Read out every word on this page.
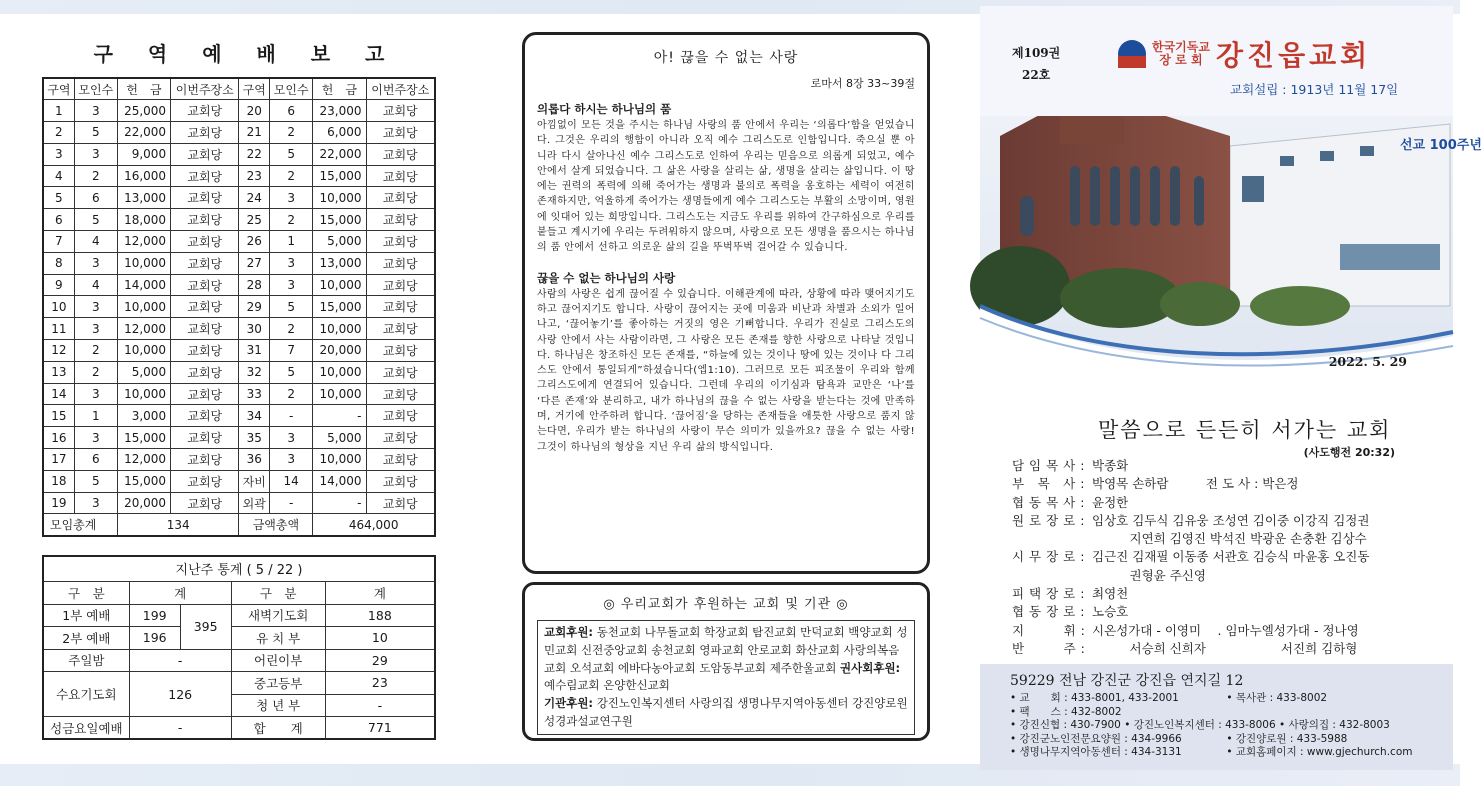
구 역 예 배 보 고
구역	모인수	헌　금	이번주장소	구역	모인수	헌　금	이번주장소
1	3	25,000	교회당	20	6	23,000	교회당
2	5	22,000	교회당	21	2	6,000	교회당
3	3	9,000	교회당	22	5	22,000	교회당
4	2	16,000	교회당	23	2	15,000	교회당
5	6	13,000	교회당	24	3	10,000	교회당
6	5	18,000	교회당	25	2	15,000	교회당
7	4	12,000	교회당	26	1	5,000	교회당
8	3	10,000	교회당	27	3	13,000	교회당
9	4	14,000	교회당	28	3	10,000	교회당
10	3	10,000	교회당	29	5	15,000	교회당
11	3	12,000	교회당	30	2	10,000	교회당
12	2	10,000	교회당	31	7	20,000	교회당
13	2	5,000	교회당	32	5	10,000	교회당
14	3	10,000	교회당	33	2	10,000	교회당
15	1	3,000	교회당	34	-	-	교회당
16	3	15,000	교회당	35	3	5,000	교회당
17	6	12,000	교회당	36	3	10,000	교회당
18	5	15,000	교회당	자비	14	14,000	교회당
19	3	20,000	교회당	외곽	-	-	교회당
모임총계		134		금액총액		464,000	
지난주 통계 ( 5 / 22 )				
구　분	계		구　분	계
1부 예배	199	395	새벽기도회	188
2부 예배	196		유 치 부	10
주일밤	-		어린이부	29
수요기도회	126		중고등부	23
			청 년 부	-
성금요일예배	-		합　　계	771
아! 끊을 수 없는 사랑
로마서 8장 33~39절
의롭다 하시는 하나님의 품

아낌없이 모든 것을 주시는 하나님 사랑의 품 안에서 우리는 ‘의롭다’함을 얻었습니다. 그것은 우리의 행함이 아니라 오직 예수 그리스도로 인함입니다. 죽으실 뿐 아니라 다시 살아나신 예수 그리스도로 인하여 우리는 믿음으로 의롭게 되었고, 예수 안에서 살게 되었습니다. 그 삶은 사랑을 살리는 삶, 생명을 살리는 삶입니다. 이 땅에는 권력의 폭력에 의해 죽어가는 생명과 불의로 폭력을 옹호하는 세력이 여전히 존재하지만, 억울하게 죽어가는 생명들에게 예수 그리스도는 부활의 소망이며, 영원에 잇대어 있는 희망입니다. 그리스도는 지금도 우리를 위하여 간구하심으로 우리를 붙들고 계시기에 우리는 두려워하지 않으며, 사랑으로 모든 생명을 품으시는 하나님의 품 안에서 선하고 의로운 삶의 길을 뚜벅뚜벅 걸어갈 수 있습니다.

끊을 수 없는 하나님의 사랑

사람의 사랑은 쉽게 끊어질 수 있습니다. 이해관계에 따라, 상황에 따라 맺어지기도 하고 끊어지기도 합니다. 사랑이 끊어지는 곳에 미움과 비난과 차별과 소외가 일어나고, ‘끊어놓기’를 좋아하는 거짓의 영은 기뻐합니다. 우리가 진실로 그리스도의 사랑 안에서 사는 사람이라면, 그 사랑은 모든 존재를 향한 사랑으로 나타날 것입니다. 하나님은 창조하신 모든 존재를, “하늘에 있는 것이나 땅에 있는 것이나 다 그리스도 안에서 통일되게”하셨습니다(엡1:10). 그러므로 모든 피조물이 우리와 함께 그리스도에게 연결되어 있습니다. 그런데 우리의 이기심과 탐욕과 교만은 ‘나’를 ‘다른 존재’와 분리하고, 내가 하나님의 끊을 수 없는 사랑을 받는다는 것에 만족하며, 거기에 안주하려 합니다. ‘끊어짐’을 당하는 존재들을 애틋한 사랑으로 품지 않는다면, 우리가 받는 하나님의 사랑이 무슨 의미가 있을까요? 끊을 수 없는 사랑! 그것이 하나님의 형상을 지닌 우리 삶의 방식입니다.

◎ 우리교회가 후원하는 교회 및 기관 ◎
교회후원: 동천교회 나무돌교회 학장교회 탐진교회 만덕교회 백양교회 성민교회 신전중앙교회 송천교회 영파교회 안로교회 화산교회 사랑의복음교회 오석교회 에바다농아교회 도암동부교회 제주한울교회 권사회후원: 예수림교회 온양한신교회
기관후원: 강진노인복지센터 사랑의집 생명나무지역아동센터 강진양로원 성경과설교연구원
선교 100주년
제109권
22호
한국기독교
장 로 회 강진읍교회
교회설립 : 1913년 11월 17일
2022. 5. 29
말씀으로 든든히 서가는 교회
(사도행전 20:32)
담 임 목 사 : 박종화
부　목　사 : 박영목 손하람　　　전 도 사 : 박은정
협 동 목 사 : 윤정한
원 로 장 로 : 임상호 김두식 김유웅 조성연 김이중 이강직 김정권
　　　지연희 김영진 박석진 박광운 손충환 김상수
시 무 장 로 : 김근진 김재필 이동종 서관호 김승식 마윤홍 오진동
　　　권형윤 주신영
피 택 장 로 : 최영천
협 동 장 로 : 노승호
지　　　휘 : 시온성가대 - 이영미　 . 임마누엘성가대 - 정나영
반　　　주 : 　　　서승희 신희자　　　　　　서진희 김하형
59229 전남 강진군 강진읍 연지길 12
• 교　　회 : 433-8001, 433-2001	• 목사관 : 433-8002
• 팩　　스 : 432-8002
• 강진신협 : 430-7900 • 강진노인복지센터 : 433-8006 • 사랑의집 : 432-8003
• 강진군노인전문요양원 : 434-9966	• 강진양로원 : 433-5988
• 생명나무지역아동센터 : 434-3131	• 교회홈페이지 : www.gjechurch.com
